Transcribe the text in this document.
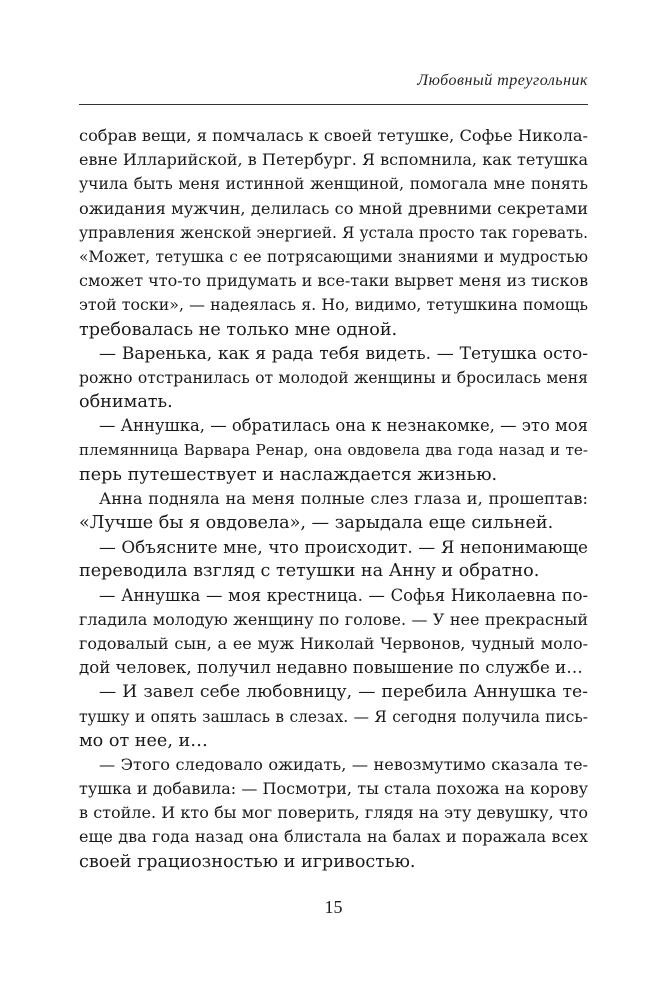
Любовный треугольник
собрав вещи, я помчалась к своей тетушке, Софье Никола-
евне Илларийской, в Петербург. Я вспомнила, как тетушка
учила быть меня истинной женщиной, помогала мне понять
ожидания мужчин, делилась со мной древними секретами
управления женской энергией. Я устала просто так горевать.
«Может, тетушка с ее потрясающими знаниями и мудростью
сможет что-то придумать и все-таки вырвет меня из тисков
этой тоски», — надеялась я. Но, видимо, тетушкина помощь
требовалась не только мне одной.
— Варенька, как я рада тебя видеть. — Тетушка осто-
рожно отстранилась от молодой женщины и бросилась меня
обнимать.
— Аннушка, — обратилась она к незнакомке, — это моя
племянница Варвара Ренар, она овдовела два года назад и те-
перь путешествует и наслаждается жизнью.
Анна подняла на меня полные слез глаза и, прошептав:
«Лучше бы я овдовела», — зарыдала еще сильней.
— Объясните мне, что происходит. — Я непонимающе
переводила взгляд с тетушки на Анну и обратно.
— Аннушка — моя крестница. — Софья Николаевна по-
гладила молодую женщину по голове. — У нее прекрасный
годовалый сын, а ее муж Николай Червонов, чудный моло-
дой человек, получил недавно повышение по службе и…
— И завел себе любовницу, — перебила Аннушка те-
тушку и опять зашлась в слезах. — Я сегодня получила пись-
мо от нее, и…
— Этого следовало ожидать, — невозмутимо сказала те-
тушка и добавила: — Посмотри, ты стала похожа на корову
в стойле. И кто бы мог поверить, глядя на эту девушку, что
еще два года назад она блистала на балах и поражала всех
своей грациозностью и игривостью.
15
